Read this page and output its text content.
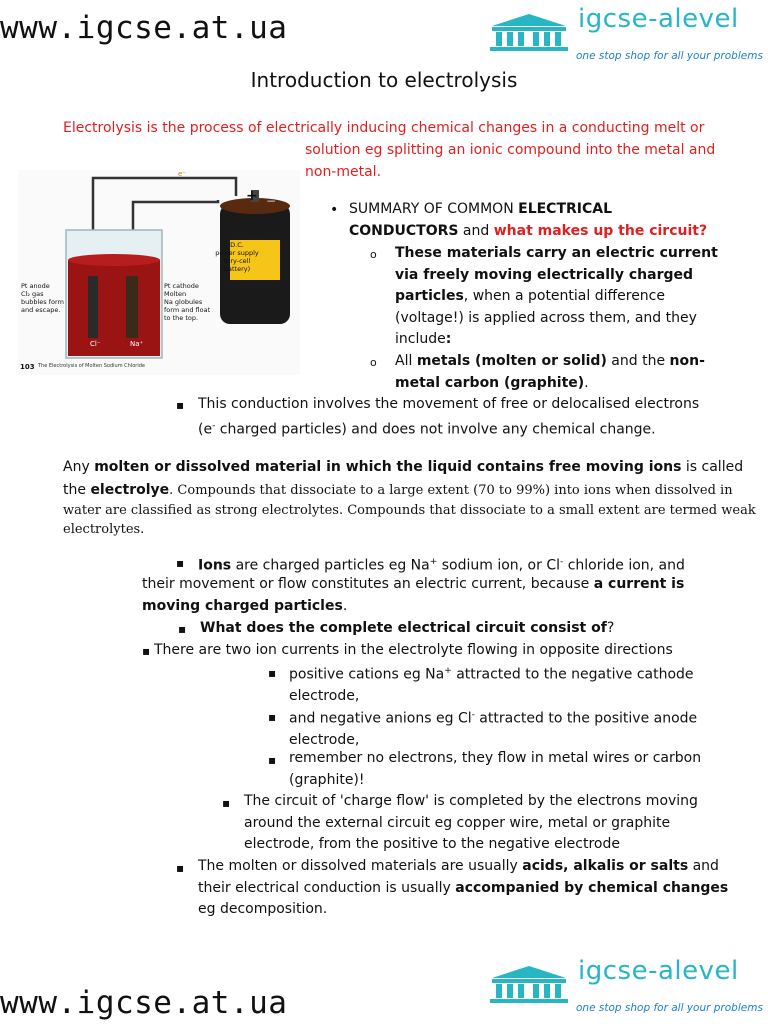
www.igcse.at.ua	igcse-alevel
one stop shop for all your problems
Introduction to electrolysis
Electrolysis is the process of electrically inducing chemical changes in a conducting melt or
solution eg splitting an ionic compound into the metal and
non-metal.
+ −
e⁻
D.C.
power supply
(dry-cell battery)
Pt anode
Cl₂ gas
bubbles form
and escape.
Pt cathode
Molten
Na globules
form and float
to the top.
Cl⁻	Na⁺
103 The Electrolysis of Molten Sodium Chloride
• SUMMARY OF COMMON ELECTRICAL
CONDUCTORS and what makes up the circuit?
o These materials carry an electric current
via freely moving electrically charged
particles, when a potential difference
(voltage!) is applied across them, and they
include:
o All metals (molten or solid) and the non-
metal carbon (graphite).
▪ This conduction involves the movement of free or delocalised electrons
(e- charged particles) and does not involve any chemical change.
Any molten or dissolved material in which the liquid contains free moving ions is called
the electrolye. Compounds that dissociate to a large extent (70 to 99%) into ions when dissolved in
water are classified as strong electrolytes. Compounds that dissociate to a small extent are termed weak
electrolytes.
▪ Ions are charged particles eg Na+ sodium ion, or Cl- chloride ion, and
their movement or flow constitutes an electric current, because a current is
moving charged particles.
▪ What does the complete electrical circuit consist of?
▪ There are two ion currents in the electrolyte flowing in opposite directions
▪ positive cations eg Na+ attracted to the negative cathode
electrode,
▪ and negative anions eg Cl- attracted to the positive anode
electrode,
▪ remember no electrons, they flow in metal wires or carbon
(graphite)!
▪ The circuit of 'charge flow' is completed by the electrons moving
around the external circuit eg copper wire, metal or graphite
electrode, from the positive to the negative electrode
▪ The molten or dissolved materials are usually acids, alkalis or salts and
their electrical conduction is usually accompanied by chemical changes
eg decomposition.
www.igcse.at.ua
igcse-alevel
one stop shop for all your problems
